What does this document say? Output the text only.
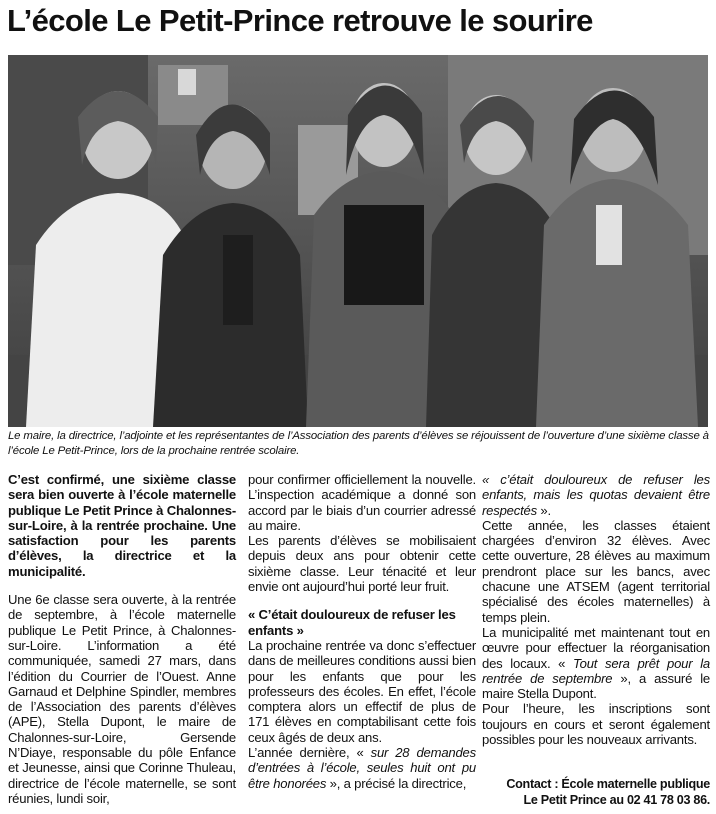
L’école Le Petit-Prince retrouve le sourire
Le maire, la directrice, l’adjointe et les représentantes de l’Association des parents d’élèves se réjouissent de l’ouverture d’une sixième classe à l’école Le Petit-Prince, lors de la prochaine rentrée scolaire.

C’est confirmé, une sixième classe sera bien ouverte à l’école maternelle publique Le Petit Prince à Chalonnes-sur-Loire, à la rentrée prochaine. Une satisfaction pour les parents d’élèves, la directrice et la municipalité.

Une 6e classe sera ouverte, à la rentrée de septembre, à l’école maternelle publique Le Petit Prince, à Chalonnes-sur-Loire. L’information a été communiquée, samedi 27 mars, dans l’édition du Courrier de l’Ouest. Anne Garnaud et Delphine Spindler, membres de l’Association des parents d’élèves (APE), Stella Dupont, le maire de Chalonnes-sur-Loire, Gersende N’Diaye, responsable du pôle Enfance et Jeunesse, ainsi que Corinne Thuleau, directrice de l’école maternelle, se sont réunies, lundi soir,

pour confirmer officiellement la nouvelle. L’inspection académique a donné son accord par le biais d’un courrier adressé au maire.

Les parents d’élèves se mobilisaient depuis deux ans pour obtenir cette sixième classe. Leur ténacité et leur envie ont aujourd’hui porté leur fruit.

« C’était douloureux de refuser les enfants »

La prochaine rentrée va donc s’effectuer dans de meilleures conditions aussi bien pour les enfants que pour les professeurs des écoles. En effet, l’école comptera alors un effectif de plus de 171 élèves en comptabilisant cette fois ceux âgés de deux ans.

L’année dernière, « sur 28 demandes d’entrées à l’école, seules huit ont pu être honorées », a précisé la directrice,

« c’était douloureux de refuser les enfants, mais les quotas devaient être respectés ».

Cette année, les classes étaient chargées d’environ 32 élèves. Avec cette ouverture, 28 élèves au maximum prendront place sur les bancs, avec chacune une ATSEM (agent territorial spécialisé des écoles maternelles) à temps plein.

La municipalité met maintenant tout en œuvre pour effectuer la réorganisation des locaux. « Tout sera prêt pour la rentrée de septembre », a assuré le maire Stella Dupont.

Pour l’heure, les inscriptions sont toujours en cours et seront également possibles pour les nouveaux arrivants.

Contact : École maternelle publique
Le Petit Prince au 02 41 78 03 86.
